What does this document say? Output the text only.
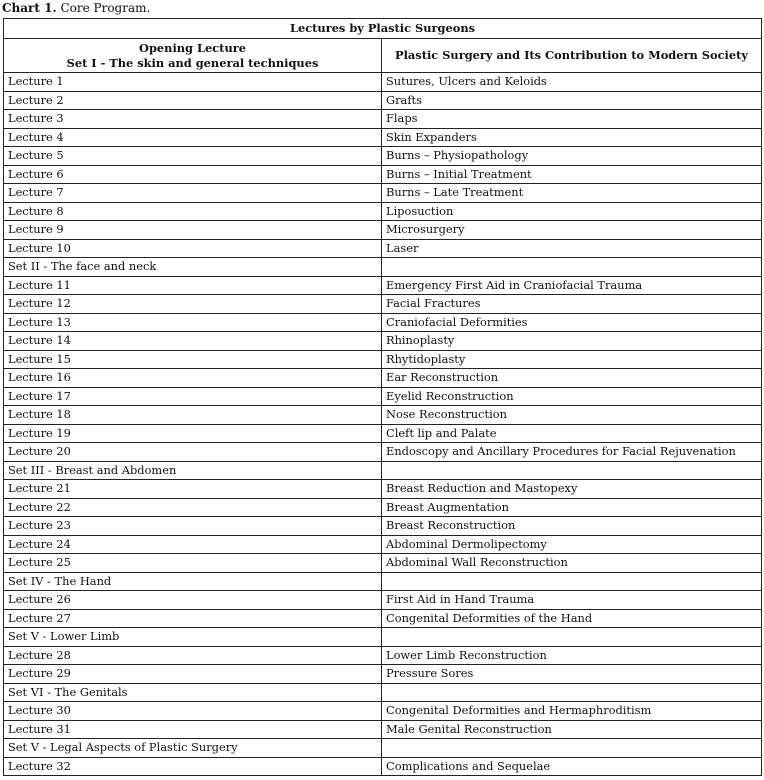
Chart 1. Core Program.
Lectures by Plastic Surgeons	

Opening Lecture
Set I - The skin and general techniques	Plastic Surgery and Its Contribution to Modern Society
Lecture 1	Sutures, Ulcers and Keloids
Lecture 2	Grafts
Lecture 3	Flaps
Lecture 4	Skin Expanders
Lecture 5	Burns – Physiopathology
Lecture 6	Burns – Initial Treatment
Lecture 7	Burns – Late Treatment
Lecture 8	Liposuction
Lecture 9	Microsurgery
Lecture 10	Laser
Set II - The face and neck	
Lecture 11	Emergency First Aid in Craniofacial Trauma
Lecture 12	Facial Fractures
Lecture 13	Craniofacial Deformities
Lecture 14	Rhinoplasty
Lecture 15	Rhytidoplasty
Lecture 16	Ear Reconstruction
Lecture 17	Eyelid Reconstruction
Lecture 18	Nose Reconstruction
Lecture 19	Cleft lip and Palate
Lecture 20	Endoscopy and Ancillary Procedures for Facial Rejuvenation
Set III - Breast and Abdomen	
Lecture 21	Breast Reduction and Mastopexy
Lecture 22	Breast Augmentation
Lecture 23	Breast Reconstruction
Lecture 24	Abdominal Dermolipectomy
Lecture 25	Abdominal Wall Reconstruction
Set IV - The Hand	
Lecture 26	First Aid in Hand Trauma
Lecture 27	Congenital Deformities of the Hand
Set V - Lower Limb	
Lecture 28	Lower Limb Reconstruction
Lecture 29	Pressure Sores
Set VI - The Genitals	
Lecture 30	Congenital Deformities and Hermaphroditism
Lecture 31	Male Genital Reconstruction
Set V - Legal Aspects of Plastic Surgery	
Lecture 32	Complications and Sequelae
